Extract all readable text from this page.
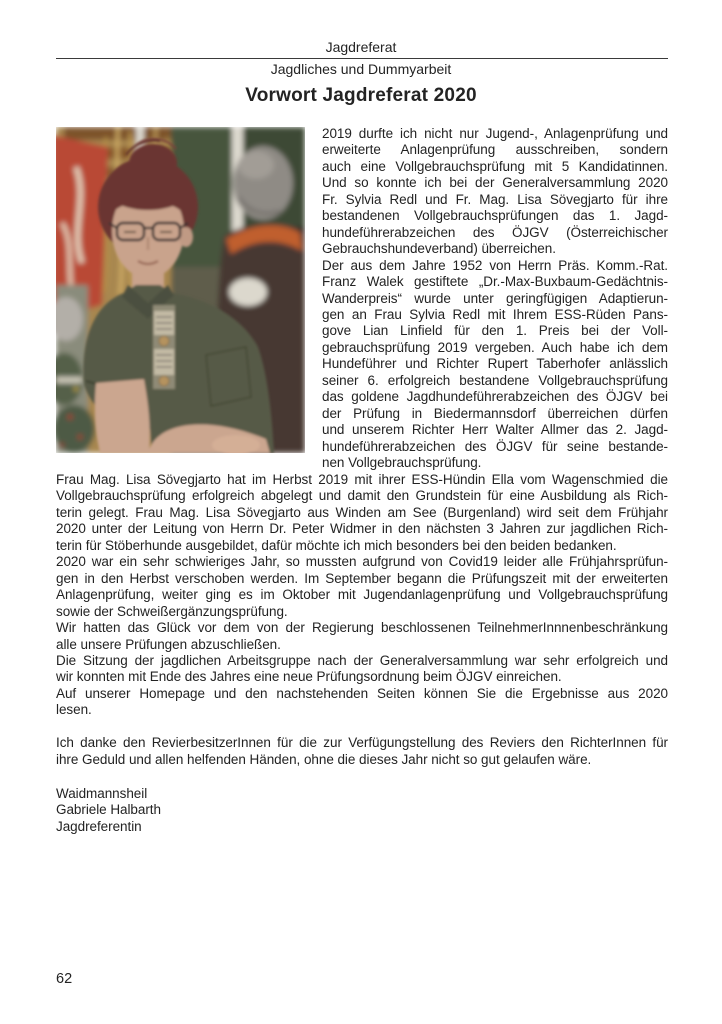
Jagdreferat
Jagdliches und Dummyarbeit
Vorwort Jagdreferat 2020
2019 durfte ich nicht nur Jugend-, Anlagenprüfung und
erweiterte Anlagenprüfung ausschreiben, sondern
auch eine Vollgebrauchsprüfung mit 5 Kandidatinnen.
Und so konnte ich bei der Generalversammlung 2020
Fr. Sylvia Redl und Fr. Mag. Lisa Sövegjarto für ihre
bestandenen Vollgebrauchsprüfungen das 1. Jagd-
hundeführerabzeichen des ÖJGV (Österreichischer
Gebrauchshundeverband) überreichen.
Der aus dem Jahre 1952 von Herrn Präs. Komm.-Rat.
Franz Walek gestiftete „Dr.-Max-Buxbaum-Gedächtnis-
Wanderpreis“ wurde unter geringfügigen Adaptierun-
gen an Frau Sylvia Redl mit Ihrem ESS-Rüden Pans-
gove Lian Linfield für den 1. Preis bei der Voll-
gebrauchsprüfung 2019 vergeben. Auch habe ich dem
Hundeführer und Richter Rupert Taberhofer anlässlich
seiner 6. erfolgreich bestandene Vollgebrauchsprüfung
das goldene Jagdhundeführerabzeichen des ÖJGV bei
der Prüfung in Biedermannsdorf überreichen dürfen
und unserem Richter Herr Walter Allmer das 2. Jagd-
hundeführerabzeichen des ÖJGV für seine bestande-
nen Vollgebrauchsprüfung.
Frau Mag. Lisa Sövegjarto hat im Herbst 2019 mit ihrer ESS-Hündin Ella vom Wagenschmied die
Vollgebrauchsprüfung erfolgreich abgelegt und damit den Grundstein für eine Ausbildung als Rich-
terin gelegt. Frau Mag. Lisa Sövegjarto aus Winden am See (Burgenland) wird seit dem Frühjahr
2020 unter der Leitung von Herrn Dr. Peter Widmer in den nächsten 3 Jahren zur jagdlichen Rich-
terin für Stöberhunde ausgebildet, dafür möchte ich mich besonders bei den beiden bedanken.
2020 war ein sehr schwieriges Jahr, so mussten aufgrund von Covid19 leider alle Frühjahrsprüfun-
gen in den Herbst verschoben werden. Im September begann die Prüfungszeit mit der erweiterten
Anlagenprüfung, weiter ging es im Oktober mit Jugendanlagenprüfung und Vollgebrauchsprüfung
sowie der Schweißergänzungsprüfung.
Wir hatten das Glück vor dem von der Regierung beschlossenen TeilnehmerInnnenbeschränkung
alle unsere Prüfungen abzuschließen.
Die Sitzung der jagdlichen Arbeitsgruppe nach der Generalversammlung war sehr erfolgreich und
wir konnten mit Ende des Jahres eine neue Prüfungsordnung beim ÖJGV einreichen.
Auf unserer Homepage und den nachstehenden Seiten können Sie die Ergebnisse aus 2020
lesen.
Ich danke den RevierbesitzerInnen für die zur Verfügungstellung des Reviers den RichterInnen für
ihre Geduld und allen helfenden Händen, ohne die dieses Jahr nicht so gut gelaufen wäre.
Waidmannsheil
Gabriele Halbarth
Jagdreferentin
62
